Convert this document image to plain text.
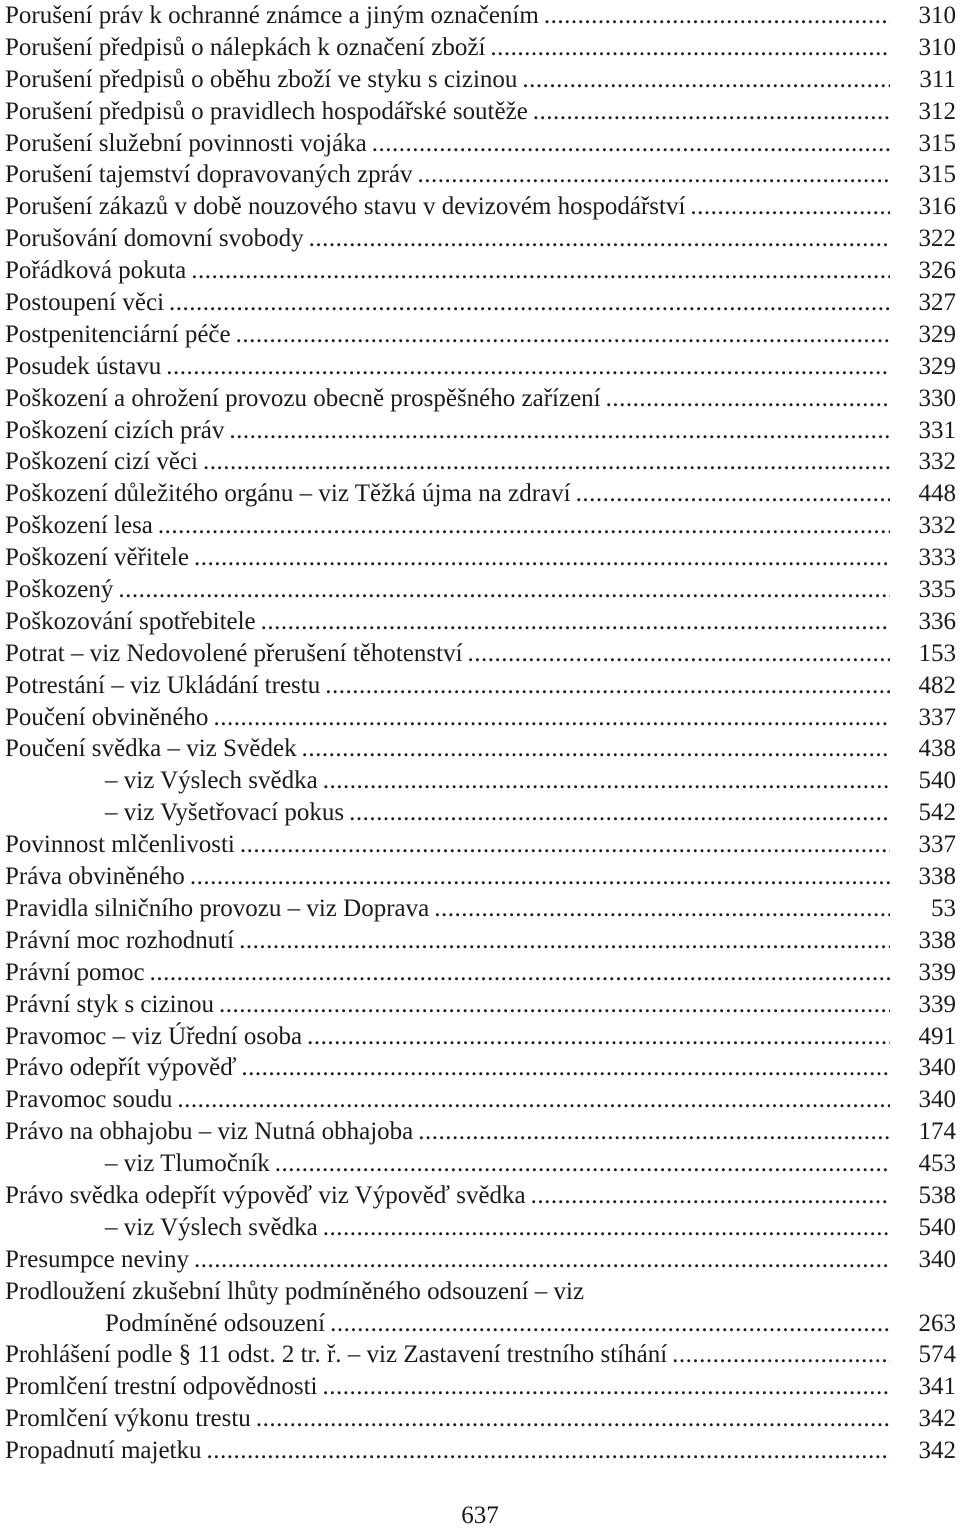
Porušení práv k ochranné známce a jiným označením .....	310
Porušení předpisů o nálepkách k označení zboží .....	310
Porušení předpisů o oběhu zboží ve styku s cizinou .....	311
Porušení předpisů o pravidlech hospodářské soutěže .....	312
Porušení služební povinnosti vojáka .....	315
Porušení tajemství dopravovaných zpráv .....	315
Porušení zákazů v době nouzového stavu v devizovém hospodářství .....	316
Porušování domovní svobody .....	322
Pořádková pokuta .....	326
Postoupení věci .....	327
Postpenitenciární péče .....	329
Posudek ústavu .....	329
Poškození a ohrožení provozu obecně prospěšného zařízení .....	330
Poškození cizích práv .....	331
Poškození cizí věci .....	332
Poškození důležitého orgánu – viz Těžká újma na zdraví .....	448
Poškození lesa .....	332
Poškození věřitele .....	333
Poškozený .....	335
Poškozování spotřebitele .....	336
Potrat – viz Nedovolené přerušení těhotenství .....	153
Potrestání – viz Ukládání trestu .....	482
Poučení obviněného .....	337
Poučení svědka – viz Svědek .....	438
– viz Výslech svědka .....	540
– viz Vyšetřovací pokus .....	542
Povinnost mlčenlivosti .....	337
Práva obviněného .....	338
Pravidla silničního provozu – viz Doprava .....	53
Právní moc rozhodnutí .....	338
Právní pomoc .....	339
Právní styk s cizinou .....	339
Pravomoc – viz Úřední osoba .....	491
Právo odepřít výpověď .....	340
Pravomoc soudu .....	340
Právo na obhajobu – viz Nutná obhajoba .....	174
– viz Tlumočník .....	453
Právo svědka odepřít výpověď viz Výpověď svědka .....	538
– viz Výslech svědka .....	540
Presumpce neviny .....	340
Prodloužení zkušební lhůty podmíněného odsouzení – viz
Podmíněné odsouzení .....	263
Prohlášení podle § 11 odst. 2 tr. ř. – viz Zastavení trestního stíhání .....	574
Promlčení trestní odpovědnosti .....	341
Promlčení výkonu trestu .....	342
Propadnutí majetku .....	342
637
